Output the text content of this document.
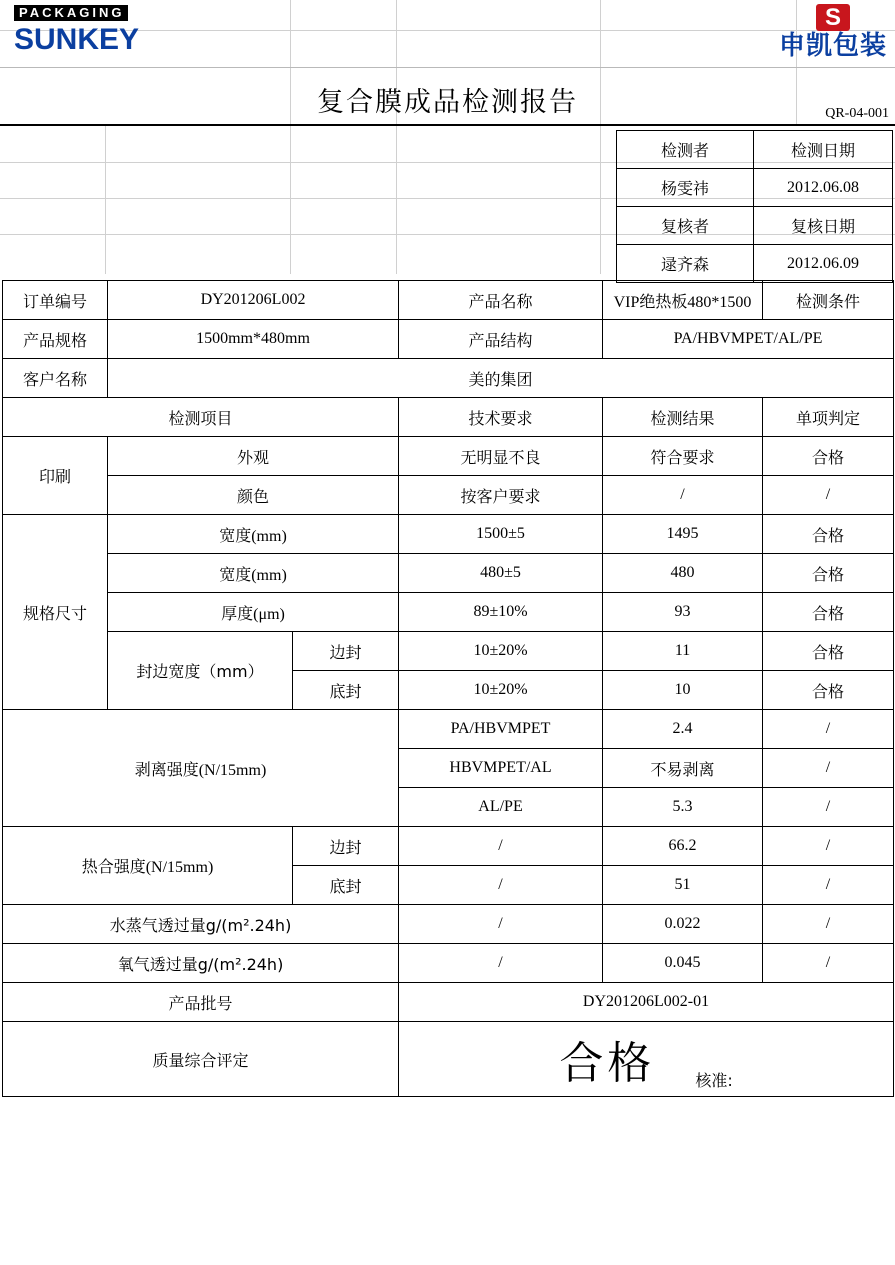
PACKAGING
SUNKEY
S
申凯包装
复合膜成品检测报告	QR-04-001
检测者	检测日期
杨雯祎	2012.06.08
复核者	复核日期
逯齐森	2012.06.09
订单编号	DY201206L002		产品名称	VIP绝热板480*1500	检测条件
产品规格	1500mm*480mm		产品结构	PA/HBVMPET/AL/PE	
客户名称	美的集团				
检测项目			技术要求	检测结果	单项判定
印刷	外观		无明显不良	符合要求	合格
	颜色		按客户要求	/	/
规格尺寸	宽度(mm)		1500±5	1495	合格
	宽度(mm)		480±5	480	合格
	厚度(μm)		89±10%	93	合格
	封边宽度（mm）	边封	10±20%	11	合格
		底封	10±20%	10	合格
剥离强度(N/15mm)			PA/HBVMPET	2.4	/
			HBVMPET/AL	不易剥离	/
			AL/PE	5.3	/
热合强度(N/15mm)		边封	/	66.2	/
		底封	/	51	/
水蒸气透过量g/(m².24h)			/	0.022	/
氧气透过量g/(m².24h)			/	0.045	/
产品批号			DY201206L002-01		
质量综合评定			合格 核准:		
